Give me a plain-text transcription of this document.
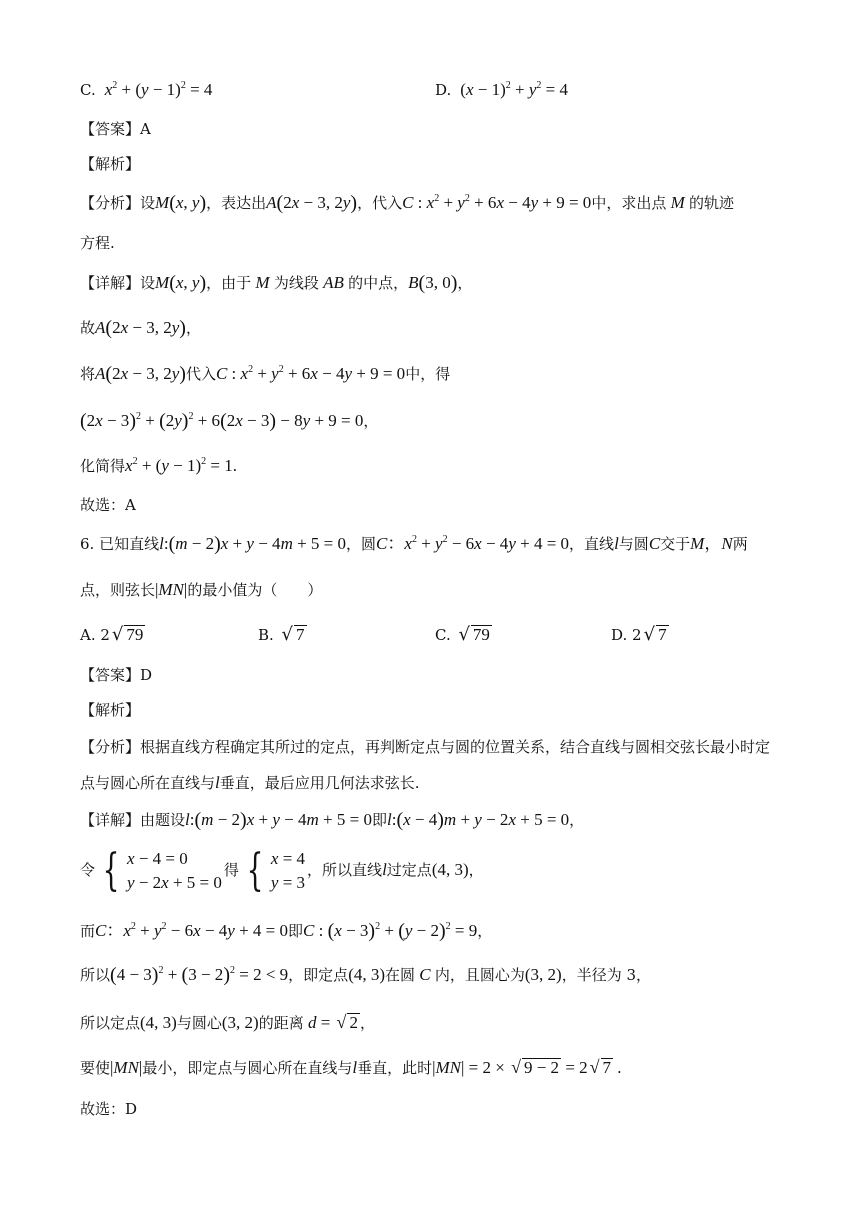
C. $x^2 + (y - 1)^2 = 4$	D.  $(x - 1)^2 + y^2 = 4$
【答案】A
【解析】
【分析】设M(x, y)，表达出A(2x − 3, 2y)，代入C : $x^2 + y^2 + 6x - 4y + 9 = 0$中，求出点 M 的轨迹
方程.
【详解】设M(x, y)，由于 M 为线段 AB 的中点，B(3, 0)，
故A(2x − 3, 2y)，
将A(2x − 3, 2y)代入C : $x^2 + y^2 + 6x - 4y + 9 = 0$中，得
$(2x - 3)^2 + (2y)^2 + 6(2x - 3) - 8y + 9 = 0$，
化简得$x^2 + (y - 1)^2 = 1$.
故选：A
6. 已知直线l:(m − 2)x + y − 4m + 5 = 0，圆C：$x^2 + y^2 - 6x - 4y + 4 = 0$，直线l与圆C交于M，N两
点，则弦长|MN|的最小值为（　　）
A. 2 √ 79	B. √ 7	C. √ 79	D. 2 √ 7
【答案】D
【解析】
【分析】根据直线方程确定其所过的定点，再判断定点与圆的位置关系，结合直线与圆相交弦长最小时定
点与圆心所在直线与l垂直，最后应用几何法求弦长.
【详解】由题设l:(m − 2)x + y − 4m + 5 = 0即l:(x − 4)m + y − 2x + 5 = 0，
令 { x − 4 = 0
y − 2x + 5 = 0
得 { x = 4
y = 3
，所以直线l过定点(4, 3)，
而C：$x^2 + y^2 - 6x - 4y + 4 = 0$即C : $(x - 3)^2 + (y - 2)^2 = 9$，
所以$(4 - 3)^2 + (3 - 2)^2 = 2 < 9$，即定点(4, 3)在圆 C 内，且圆心为(3, 2)，半径为 3，
所以定点(4, 3)与圆心(3, 2)的距离 d = √ 2 ，
要使|MN|最小，即定点与圆心所在直线与l垂直，此时|MN| = 2 × √ 9 − 2 = 2 √ 7 .
故选：D
